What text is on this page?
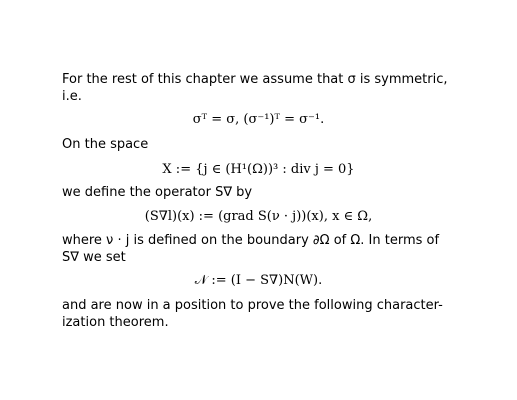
For the rest of this chapter we assume that σ is symmetric,
i.e.
σᵀ = σ, (σ⁻¹)ᵀ = σ⁻¹.
On the space
X := {j ∈ (H¹(Ω))³ : div j = 0}
we define the operator S∇ by
(S∇l)(x) := (grad S(ν · j))(x), x ∈ Ω,
where ν · j is defined on the boundary ∂Ω of Ω. In terms of
S∇ we set
𝒩 := (I − S∇)N(W).
and are now in a position to prove the following character-
ization theorem.
